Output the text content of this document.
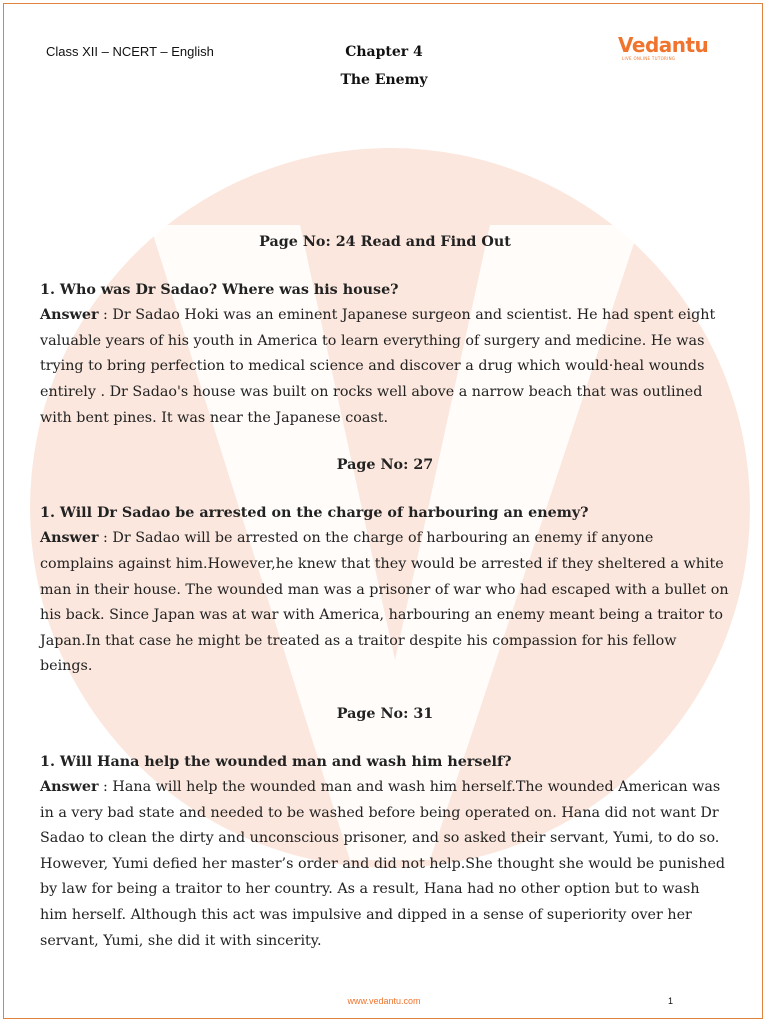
Class XII – NCERT – English	Chapter 4
The Enemy
Vedantu
LIVE ONLINE TUTORING

Page No: 24 Read and Find Out

1. Who was Dr Sadao? Where was his house?

Answer : Dr Sadao Hoki was an eminent Japanese surgeon and scientist. He had spent eight valuable years of his youth in America to learn everything of surgery and medicine. He was trying to bring perfection to medical science and discover a drug which would·heal wounds entirely . Dr Sadao's house was built on rocks well above a narrow beach that was outlined with bent pines. It was near the Japanese coast.

Page No: 27

1. Will Dr Sadao be arrested on the charge of harbouring an enemy?

Answer : Dr Sadao will be arrested on the charge of harbouring an enemy if anyone complains against him.However,he knew that they would be arrested if they sheltered a white man in their house. The wounded man was a prisoner of war who had escaped with a bullet on his back. Since Japan was at war with America, harbouring an enemy meant being a traitor to Japan.In that case he might be treated as a traitor despite his compassion for his fellow beings.

Page No: 31

1. Will Hana help the wounded man and wash him herself?

Answer : Hana will help the wounded man and wash him herself.The wounded American was in a very bad state and needed to be washed before being operated on. Hana did not want Dr Sadao to clean the dirty and unconscious prisoner, and so asked their servant, Yumi, to do so. However, Yumi defied her master’s order and did not help.She thought she would be punished by law for being a traitor to her country. As a result, Hana had no other option but to wash him herself. Although this act was impulsive and dipped in a sense of superiority over her servant, Yumi, she did it with sincerity.

www.vedantu.com	1
